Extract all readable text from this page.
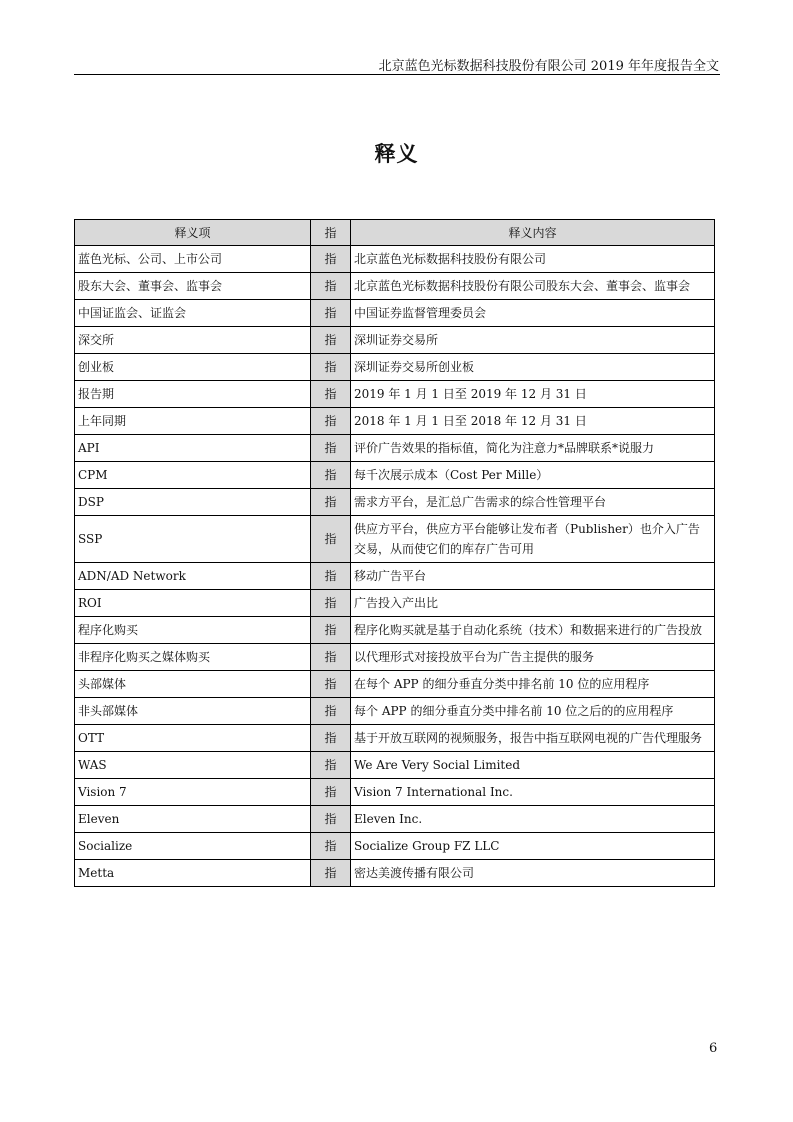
北京蓝色光标数据科技股份有限公司 2019 年年度报告全文
释义
释义项	指	释义内容
蓝色光标、公司、上市公司	指	北京蓝色光标数据科技股份有限公司
股东大会、董事会、监事会	指	北京蓝色光标数据科技股份有限公司股东大会、董事会、监事会
中国证监会、证监会	指	中国证券监督管理委员会
深交所	指	深圳证券交易所
创业板	指	深圳证券交易所创业板
报告期	指	2019 年 1 月 1 日至 2019 年 12 月 31 日
上年同期	指	2018 年 1 月 1 日至 2018 年 12 月 31 日
API	指	评价广告效果的指标值，简化为注意力*品牌联系*说服力
CPM	指	每千次展示成本（Cost Per Mille）
DSP	指	需求方平台，是汇总广告需求的综合性管理平台
SSP	指	供应方平台，供应方平台能够让发布者（Publisher）也介入广告交易，从而使它们的库存广告可用
ADN/AD Network	指	移动广告平台
ROI	指	广告投入产出比
程序化购买	指	程序化购买就是基于自动化系统（技术）和数据来进行的广告投放
非程序化购买之媒体购买	指	以代理形式对接投放平台为广告主提供的服务
头部媒体	指	在每个 APP 的细分垂直分类中排名前 10 位的应用程序
非头部媒体	指	每个 APP 的细分垂直分类中排名前 10 位之后的的应用程序
OTT	指	基于开放互联网的视频服务，报告中指互联网电视的广告代理服务
WAS	指	We Are Very Social Limited
Vision 7	指	Vision 7 International Inc.
Eleven	指	Eleven Inc.
Socialize	指	Socialize Group FZ LLC
Metta	指	密达美渡传播有限公司
6
